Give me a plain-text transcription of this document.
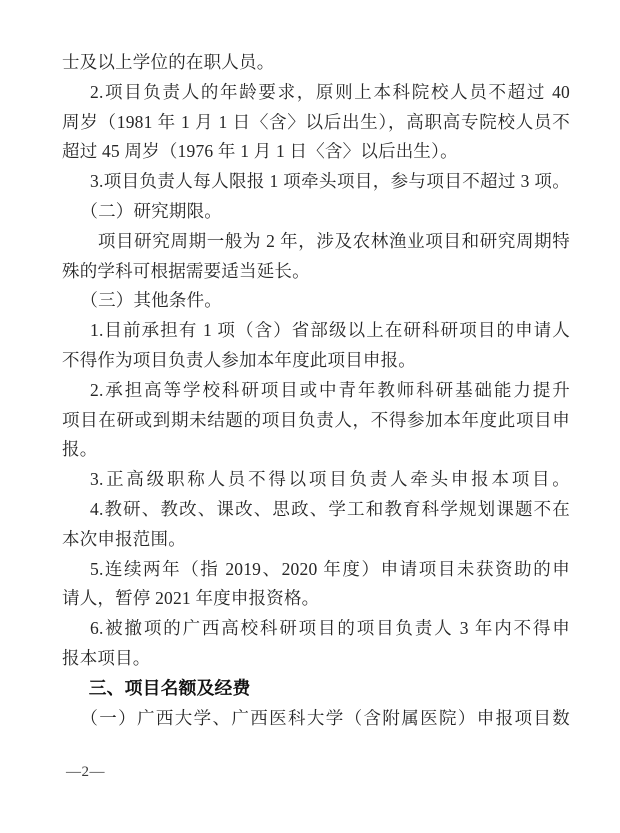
士及以上学位的在职人员。
2.项目负责人的年龄要求，原则上本科院校人员不超过 40
周岁（1981 年 1 月 1 日〈含〉以后出生），高职高专院校人员不
超过 45 周岁（1976 年 1 月 1 日〈含〉以后出生）。
3.项目负责人每人限报 1 项牵头项目，参与项目不超过 3 项。
（二）研究期限。
项目研究周期一般为 2 年，涉及农林渔业项目和研究周期特
殊的学科可根据需要适当延长。
（三）其他条件。
1.目前承担有 1 项（含）省部级以上在研科研项目的申请人
不得作为项目负责人参加本年度此项目申报。
2.承担高等学校科研项目或中青年教师科研基础能力提升
项目在研或到期未结题的项目负责人，不得参加本年度此项目申
报。
3.正高级职称人员不得以项目负责人牵头申报本项目。
4.教研、教改、课改、思政、学工和教育科学规划课题不在
本次申报范围。
5.连续两年（指 2019、2020 年度）申请项目未获资助的申
请人，暂停 2021 年度申报资格。
6.被撤项的广西高校科研项目的项目负责人 3 年内不得申
报本项目。
三、项目名额及经费
（一）广西大学、广西医科大学（含附属医院）申报项目数
—2—
